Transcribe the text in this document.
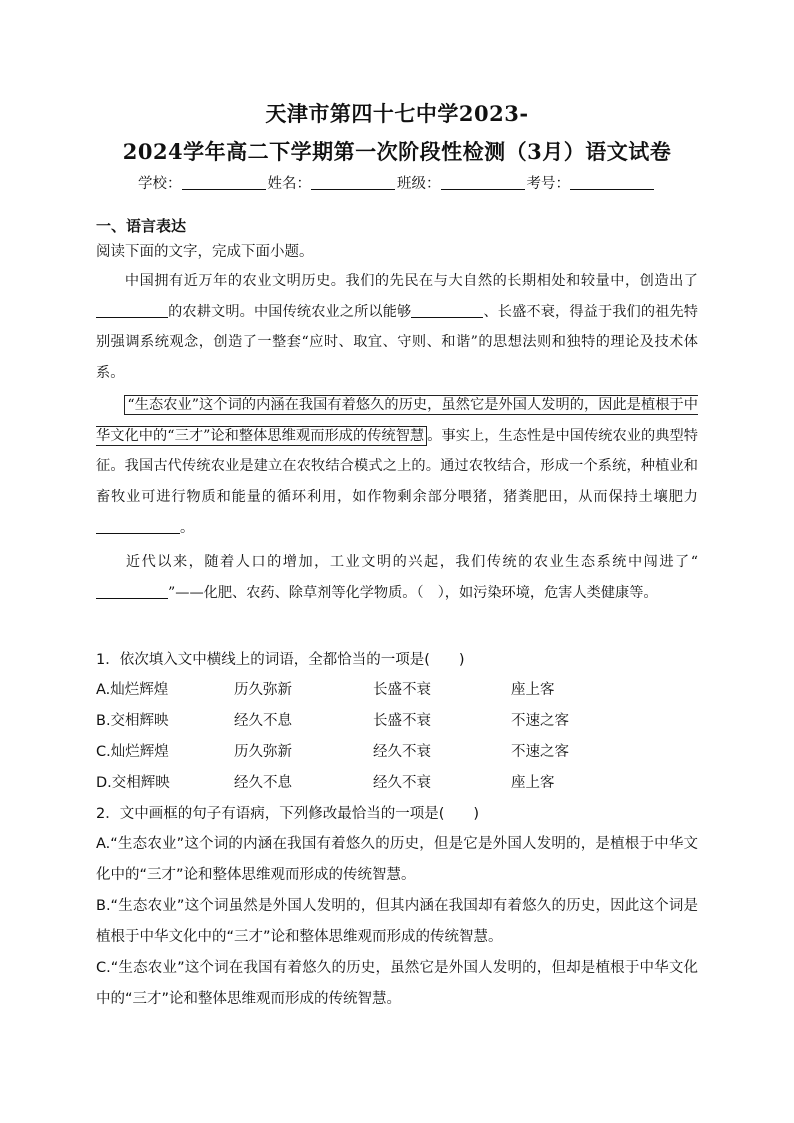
天津市第四十七中学2023-
2024学年高二下学期第一次阶段性检测（3月）语文试卷
学校：	姓名：	班级：	考号：
一、语言表达
阅读下面的文字，完成下面小题。
  中国拥有近万年的农业文明历史。我们的先民在与大自然的长期相处和较量中，创造出了的农耕文明。中国传统农业之所以能够	、长盛不衰，得益于我们的祖先特别强调系统观念，创造了一整套“应时、取宜、守则、和谐”的思想法则和独特的理论及技术体系。
  “生态农业”这个词的内涵在我国有着悠久的历史，虽然它是外国人发明的，因此是植根于中华文化中的“三才”论和整体思维观而形成的传统智慧 。事实上，生态性是中国传统农业的典型特征。我国古代传统农业是建立在农牧结合模式之上的。通过农牧结合，形成一个系统，种植业和畜牧业可进行物质和能量的循环利用，如作物剩余部分喂猪，猪粪肥田，从而保持土壤肥力。
  近代以来，随着人口的增加，工业文明的兴起，我们传统的农业生态系统中闯进了“”——化肥、农药、除草剂等化学物质。（　），如污染环境，危害人类健康等。
1．依次填入文中横线上的词语，全都恰当的一项是(　　)
A.灿烂辉煌	历久弥新	长盛不衰	座上客
B.交相辉映	经久不息	长盛不衰	不速之客
C.灿烂辉煌	历久弥新	经久不衰	不速之客
D.交相辉映	经久不息	经久不衰	座上客
2．文中画框的句子有语病，下列修改最恰当的一项是(　　)
A.“生态农业”这个词的内涵在我国有着悠久的历史，但是它是外国人发明的，是植根于中华文化中的“三才”论和整体思维观而形成的传统智慧。
B.“生态农业”这个词虽然是外国人发明的，但其内涵在我国却有着悠久的历史，因此这个词是植根于中华文化中的“三才”论和整体思维观而形成的传统智慧。
C.“生态农业”这个词在我国有着悠久的历史，虽然它是外国人发明的，但却是植根于中华文化中的“三才”论和整体思维观而形成的传统智慧。
